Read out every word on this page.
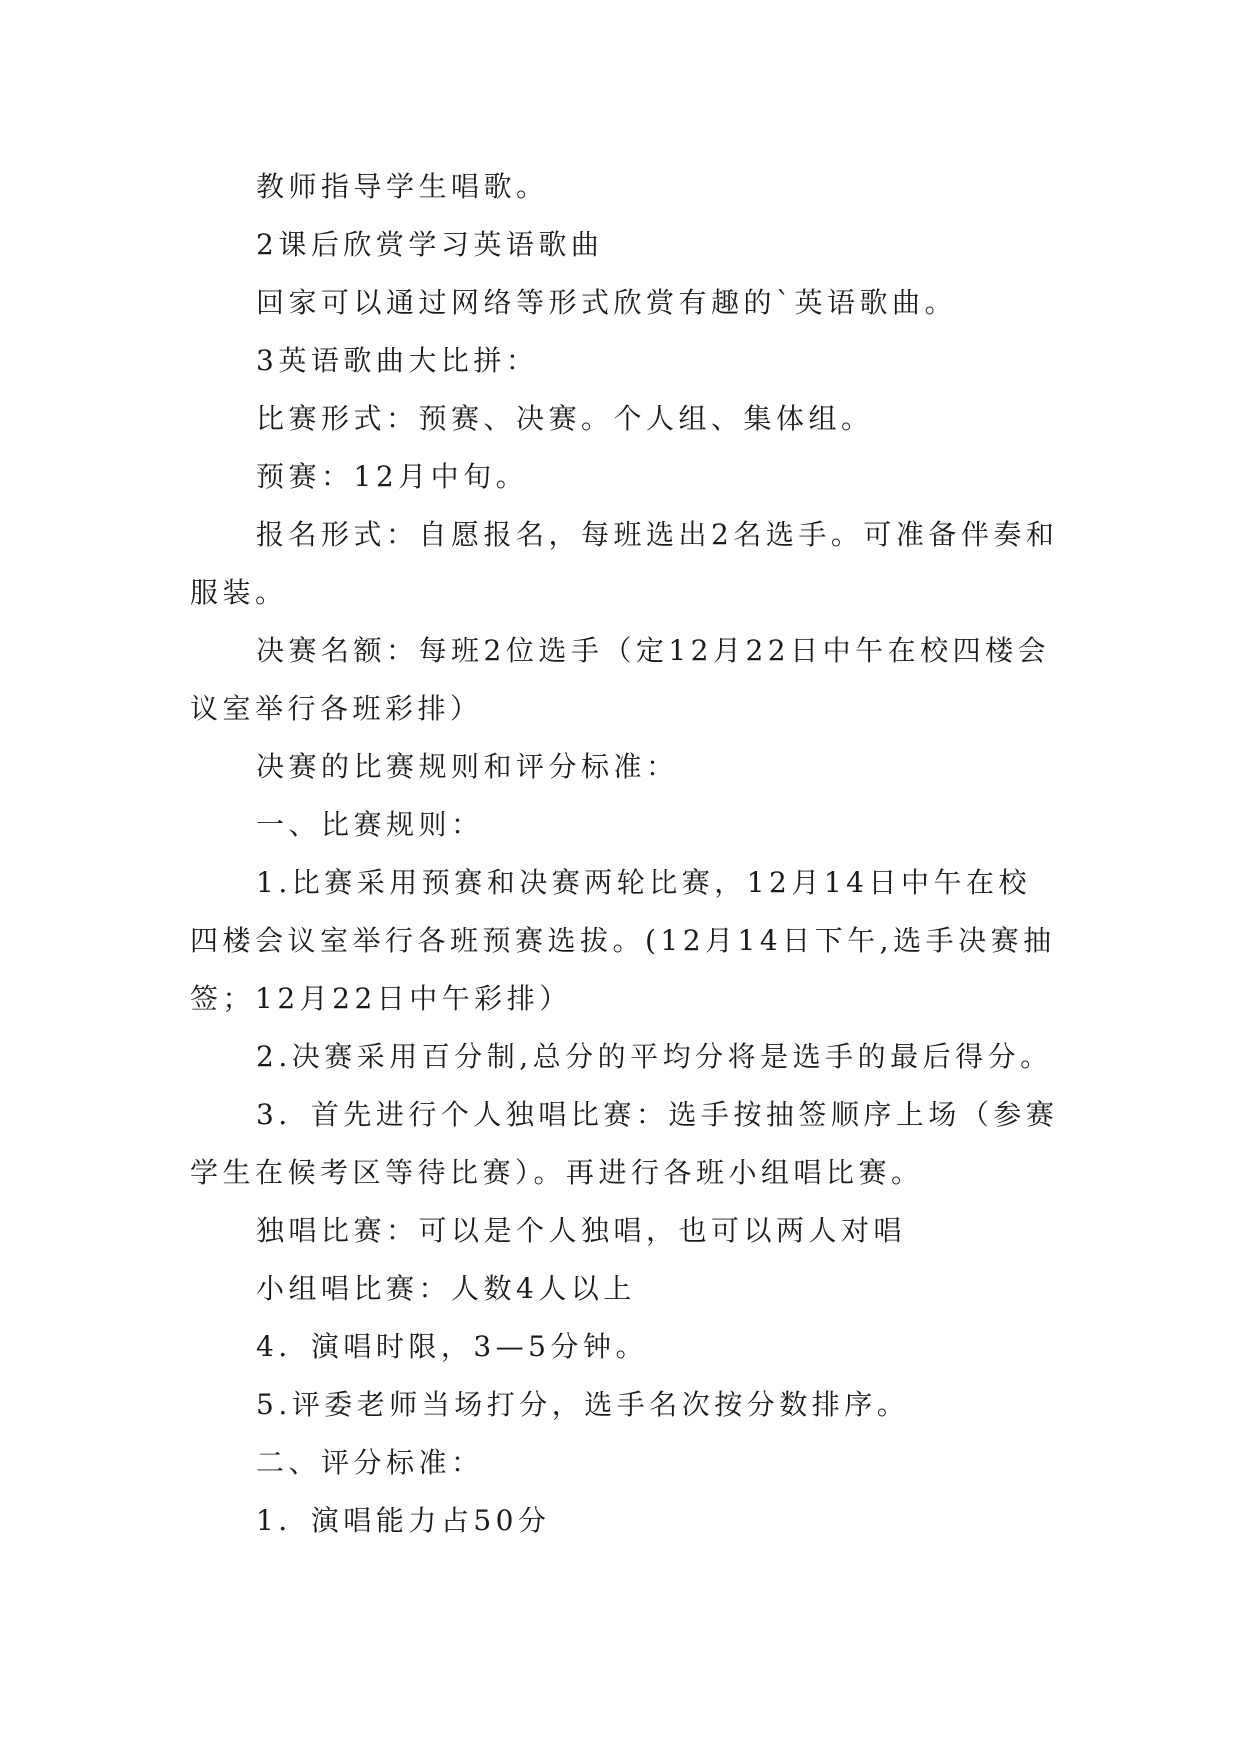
教师指导学生唱歌。

2课后欣赏学习英语歌曲

回家可以通过网络等形式欣赏有趣的`英语歌曲。

3英语歌曲大比拼：

比赛形式：预赛、决赛。个人组、集体组。

预赛：12月中旬。

报名形式：自愿报名，每班选出2名选手。可准备伴奏和服装。

决赛名额：每班2位选手（定12月22日中午在校四楼会议室举行各班彩排）

决赛的比赛规则和评分标准：

一、比赛规则：

1.比赛采用预赛和决赛两轮比赛，12月14日中午在校四楼会议室举行各班预赛选拔。(12月14日下午,选手决赛抽签；12月22日中午彩排）

2.决赛采用百分制,总分的平均分将是选手的最后得分。

3．首先进行个人独唱比赛：选手按抽签顺序上场（参赛学生在候考区等待比赛）。再进行各班小组唱比赛。

独唱比赛：可以是个人独唱，也可以两人对唱

小组唱比赛：人数4人以上

4．演唱时限，3—5分钟。

5.评委老师当场打分，选手名次按分数排序。

二、评分标准：

1．演唱能力占50分
